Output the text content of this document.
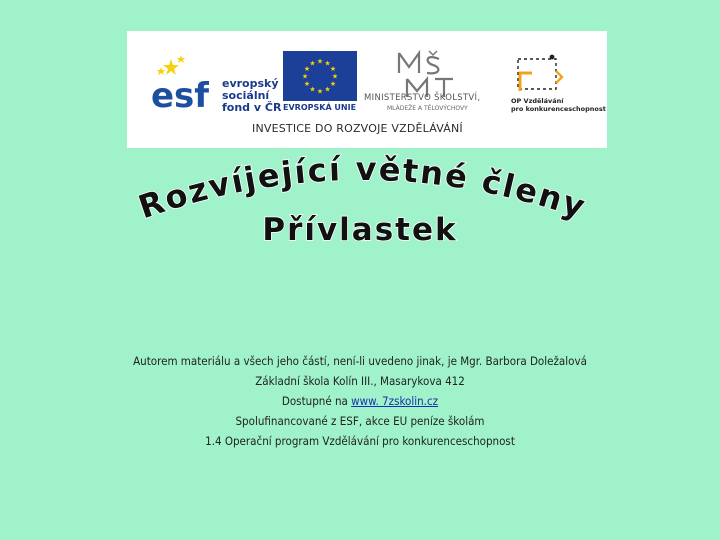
esf evropský
sociální
fond v ČR
★
★
★
★
★
★
★
★
★ ★ ★
★
EVROPSKÁ UNIE
MINISTERSTVO ŠKOLSTVÍ,
MLÁDEŽE A TĚLOVÝCHOVY
OP Vzdělávání
pro konkurenceschopnost
INVESTICE DO ROZVOJE VZDĚLÁVÁNÍ
Rozvíjející větné členy
Přívlastek
Autorem materiálu a všech jeho částí, není-li uvedeno jinak, je Mgr. Barbora Doležalová
Základní škola Kolín III., Masarykova 412
Dostupné na www. 7zskolin.cz
Spolufinancované z ESF, akce EU peníze školám
1.4 Operační program Vzdělávání pro konkurenceschopnost
